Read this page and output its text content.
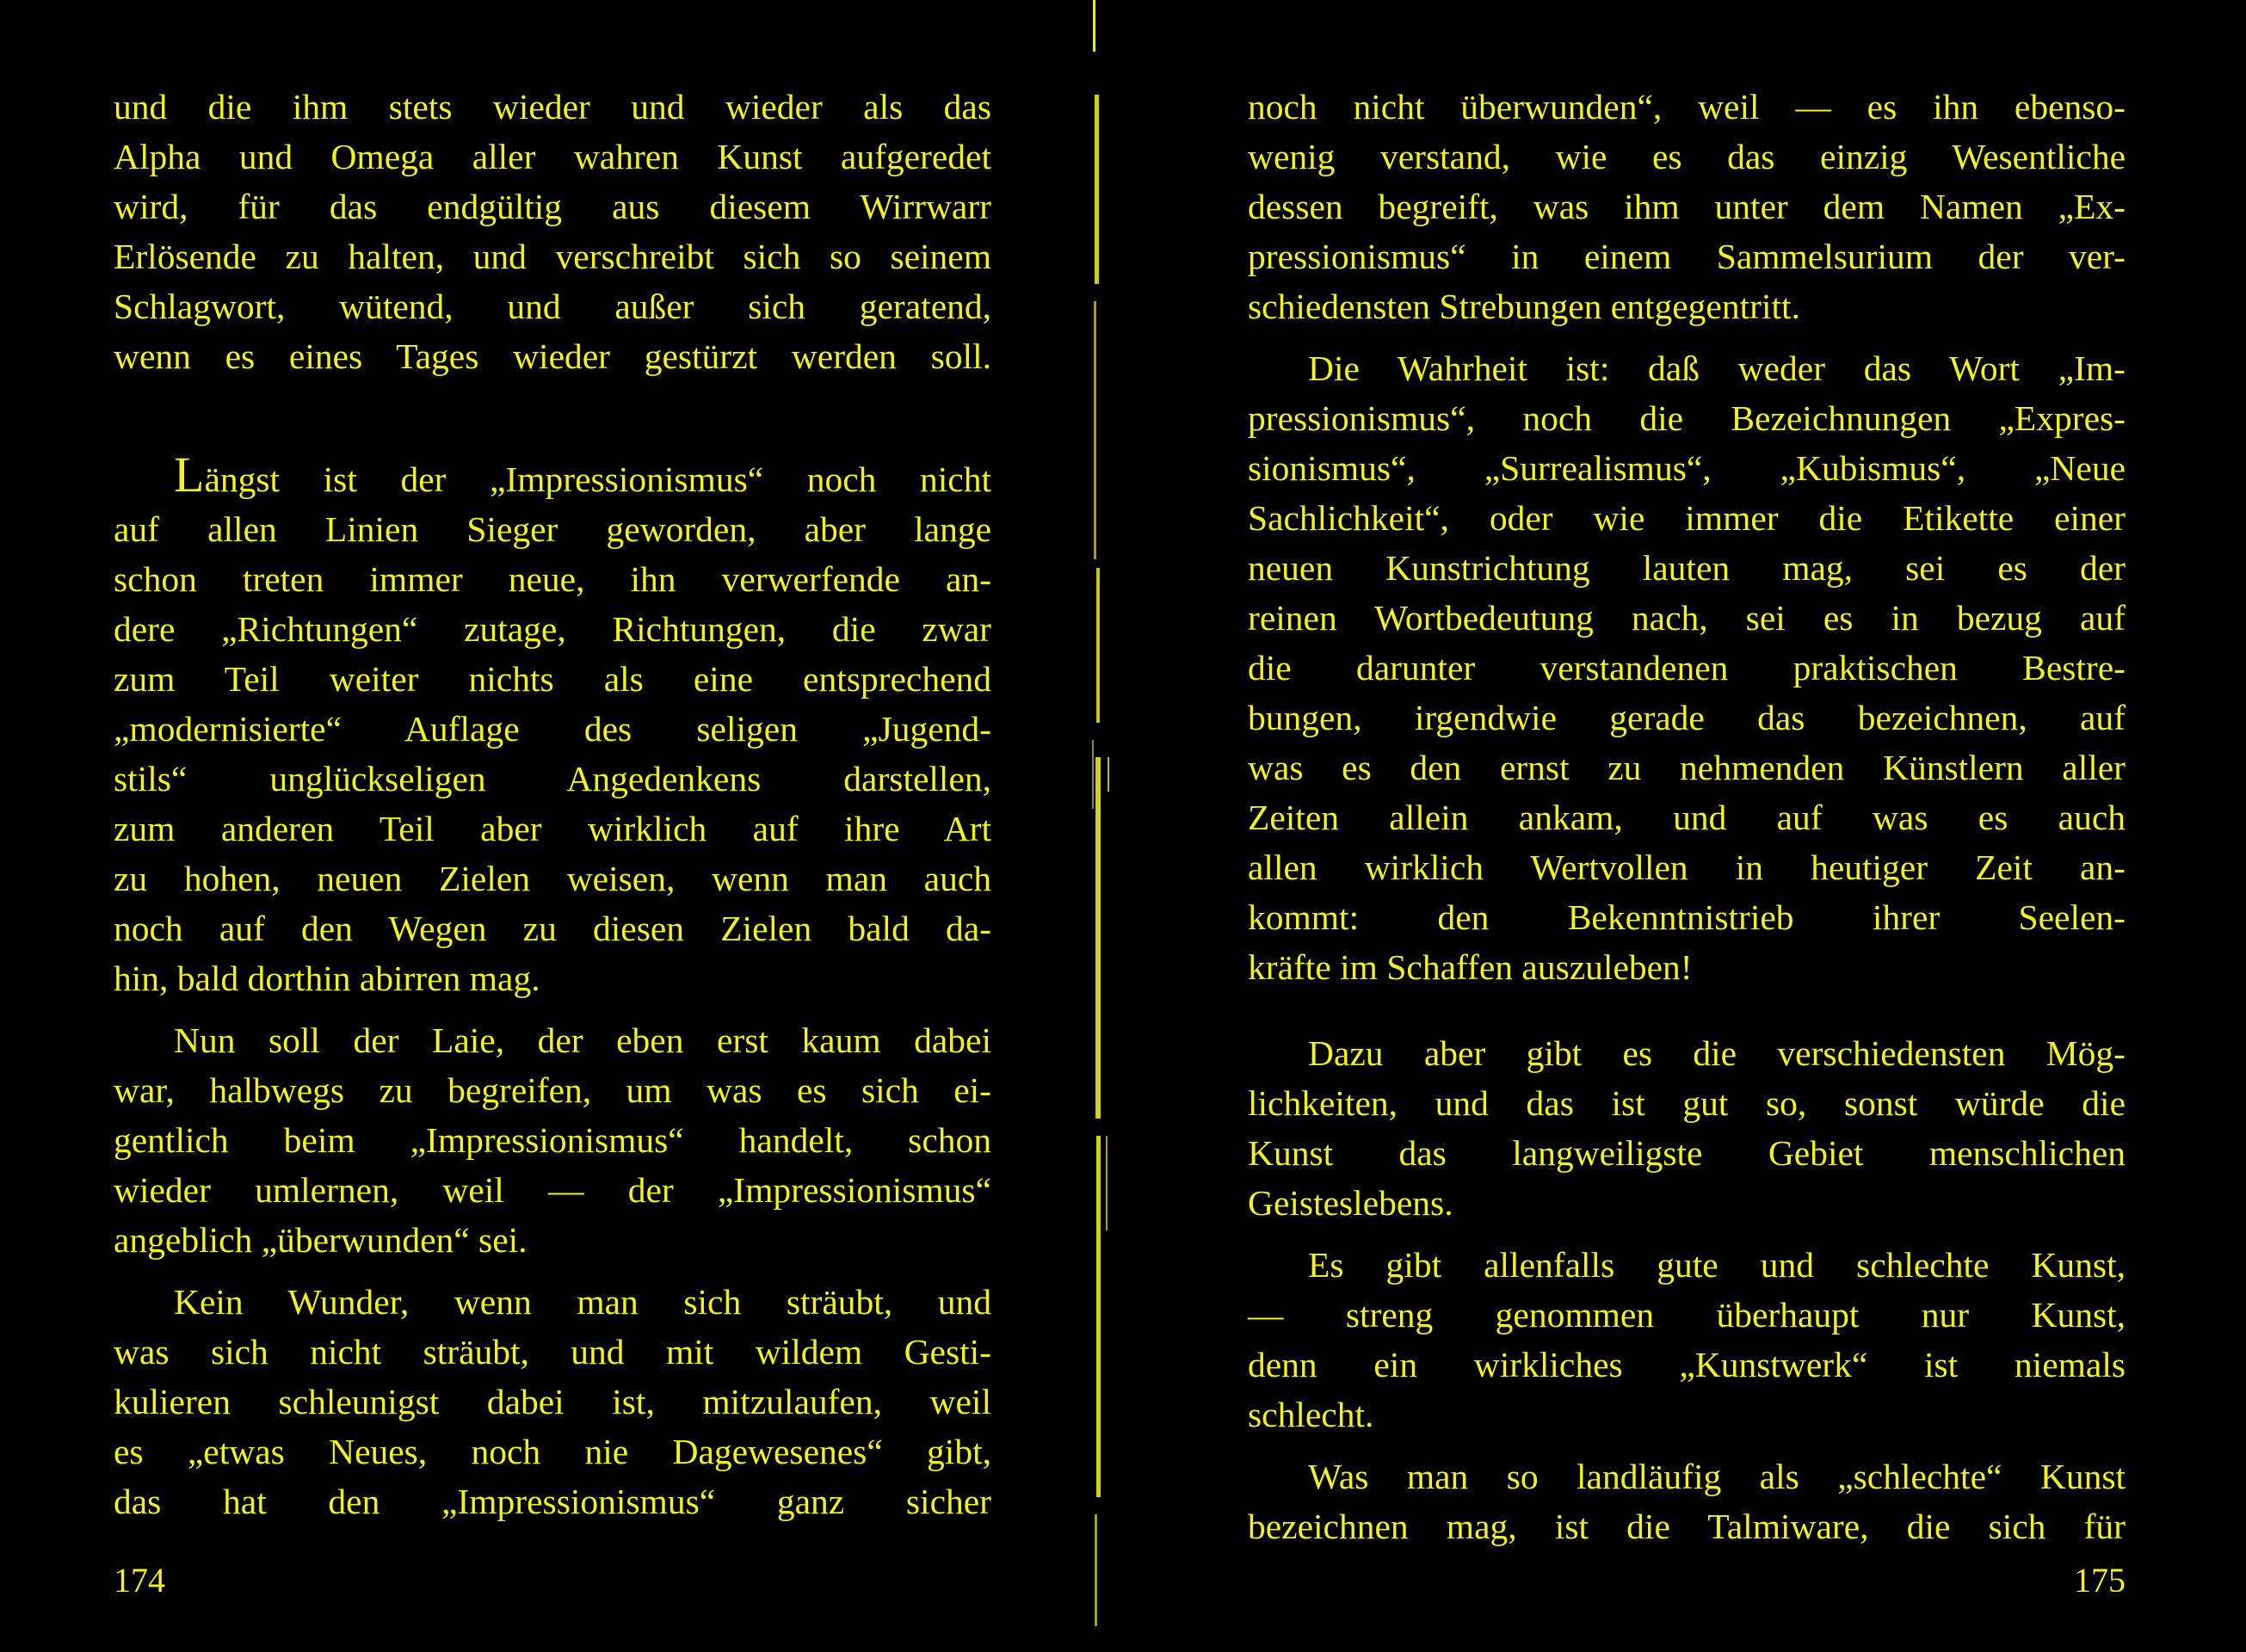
und die ihm stets wieder und wieder als das
Alpha und Omega aller wahren Kunst aufgeredet
wird, für das endgültig aus diesem Wirrwarr
Erlösende zu halten, und verschreibt sich so seinem
Schlagwort, wütend, und außer sich geratend,
wenn es eines Tages wieder gestürzt werden soll.

Längst ist der „Impressionismus“ noch nicht
auf allen Linien Sieger geworden, aber lange
schon treten immer neue, ihn verwerfende an-
dere „Richtungen“ zutage, Richtungen, die zwar
zum Teil weiter nichts als eine entsprechend
„modernisierte“ Auflage des seligen „Jugend-
stils“ unglückseligen Angedenkens darstellen,
zum anderen Teil aber wirklich auf ihre Art
zu hohen, neuen Zielen weisen, wenn man auch
noch auf den Wegen zu diesen Zielen bald da-
hin, bald dorthin abirren mag.

Nun soll der Laie, der eben erst kaum dabei
war, halbwegs zu begreifen, um was es sich ei-
gentlich beim „Impressionismus“ handelt, schon
wieder umlernen, weil — der „Impressionismus“
angeblich „überwunden“ sei.

Kein Wunder, wenn man sich sträubt, und
was sich nicht sträubt, und mit wildem Gesti-
kulieren schleunigst dabei ist, mitzulaufen, weil
es „etwas Neues, noch nie Dagewesenes“ gibt,
das hat den „Impressionismus“ ganz sicher

174

noch nicht überwunden“, weil — es ihn ebenso-
wenig verstand, wie es das einzig Wesentliche
dessen begreift, was ihm unter dem Namen „Ex-
pressionismus“ in einem Sammelsurium der ver-
schiedensten Strebungen entgegentritt.

Die Wahrheit ist: daß weder das Wort „Im-
pressionismus“, noch die Bezeichnungen „Expres-
sionismus“, „Surrealismus“, „Kubismus“, „Neue
Sachlichkeit“, oder wie immer die Etikette einer
neuen Kunstrichtung lauten mag, sei es der
reinen Wortbedeutung nach, sei es in bezug auf
die darunter verstandenen praktischen Bestre-
bungen, irgendwie gerade das bezeichnen, auf
was es den ernst zu nehmenden Künstlern aller
Zeiten allein ankam, und auf was es auch
allen wirklich Wertvollen in heutiger Zeit an-
kommt: den Bekenntnistrieb ihrer Seelen-
kräfte im Schaffen auszuleben!

Dazu aber gibt es die verschiedensten Mög-
lichkeiten, und das ist gut so, sonst würde die
Kunst das langweiligste Gebiet menschlichen
Geisteslebens.

Es gibt allenfalls gute und schlechte Kunst,
— streng genommen überhaupt nur Kunst,
denn ein wirkliches „Kunstwerk“ ist niemals
schlecht.

Was man so landläufig als „schlechte“ Kunst
bezeichnen mag, ist die Talmiware, die sich für

175
